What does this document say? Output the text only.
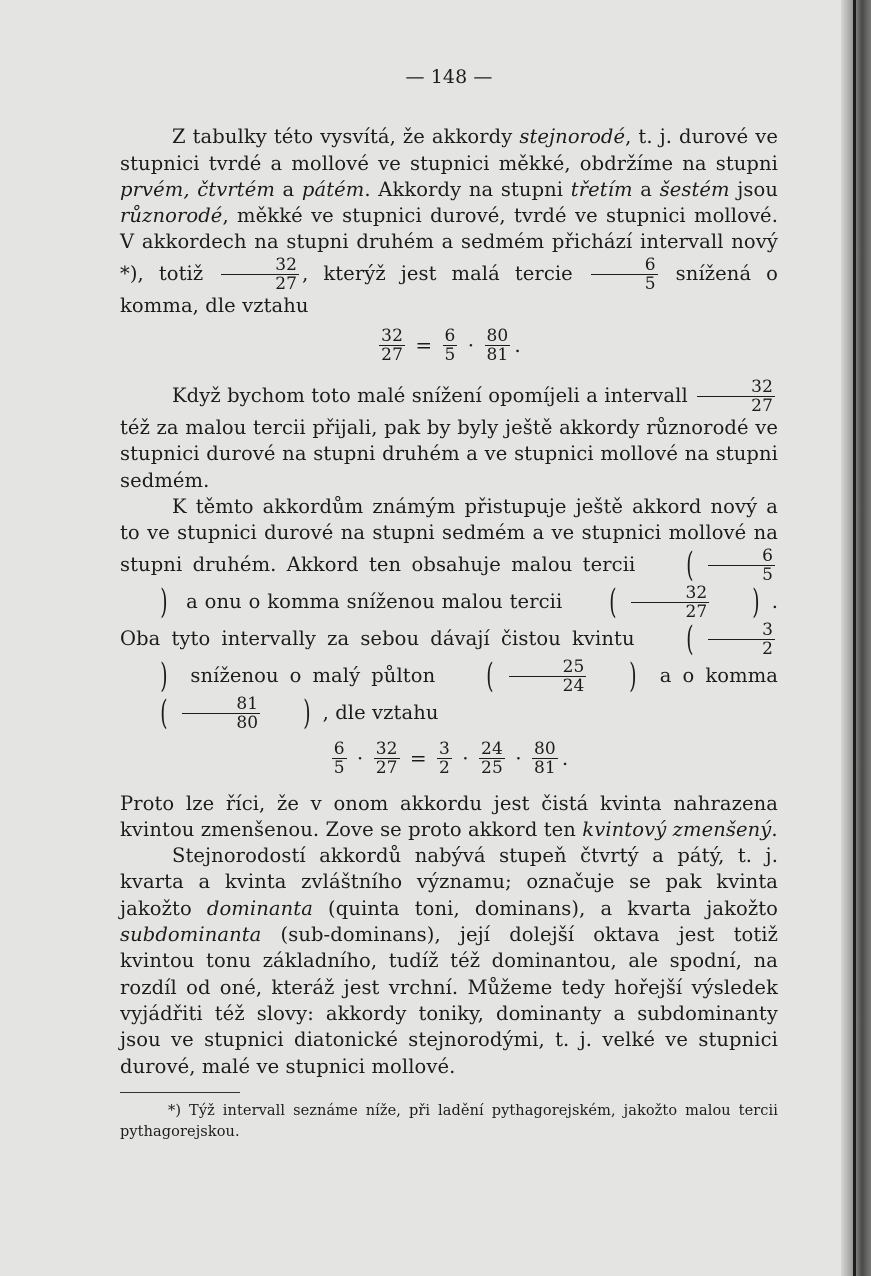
— 148 —

Z tabulky této vysvítá, že akkordy stejnorodé, t. j. durové ve stupnici tvrdé a mollové ve stupnici měkké, obdržíme na stupni prvém, čtvrtém a pátém. Akkordy na stupni třetím a šestém jsou různorodé, měkké ve stupnici durové, tvrdé ve stupnici mollové. V akkordech na stupni druhém a sedmém přichází intervall nový *), totiž $\frac{32}{27}$ , kterýž jest malá tercie $\frac{6}{5}$ snížená o komma, dle vztahu

$\frac{32}{27} = \frac{6}{5} \cdot \frac{80}{81}$ .

Když bychom toto malé snížení opomíjeli a intervall $\frac{32}{27}$
též za malou tercii přijali, pak by byly ještě akkordy různorodé ve stupnici durové na stupni druhém a ve stupnici mollové na stupni sedmém.

K těmto akkordům známým přistupuje ještě akkord nový a to ve stupnici durové na stupni sedmém a ve stupnici mollové na stupni druhém. Akkord ten obsahuje malou tercii ( $\frac{6}{5}$
) a onu o komma sníženou malou tercii ( $\frac{32}{27}$ ) . Oba tyto intervally za sebou dávají čistou kvintu ( $\frac{3}{2}$
) sníženou o malý půlton ( $\frac{25}{24}$ ) a o komma ( $\frac{81}{80}$ ) , dle vztahu

$\frac{6}{5} \cdot \frac{32}{27} = \frac{3}{2} \cdot \frac{24}{25} \cdot \frac{80}{81}$ .

Proto lze říci, že v onom akkordu jest čistá kvinta nahrazena kvintou zmenšenou. Zove se proto akkord ten kvintový zmenšený.

Stejnorodostí akkordů nabývá stupeň čtvrtý a pátý, t. j. kvarta a kvinta zvláštního významu; označuje se pak kvinta jakožto dominanta (quinta toni, dominans), a kvarta jakožto subdominanta (sub-dominans), její dolejší oktava jest totiž kvintou tonu základního, tudíž též dominantou, ale spodní, na rozdíl od oné, kteráž jest vrchní. Můžeme tedy hořejší výsledek vyjádřiti též slovy: akkordy toniky, dominanty a subdominanty jsou ve stupnici diatonické stejnorodými, t. j. velké ve stupnici durové, malé ve stupnici mollové.

*) Týž intervall seznáme níže, při ladění pythagorejském, jakožto malou tercii pythagorejskou.
